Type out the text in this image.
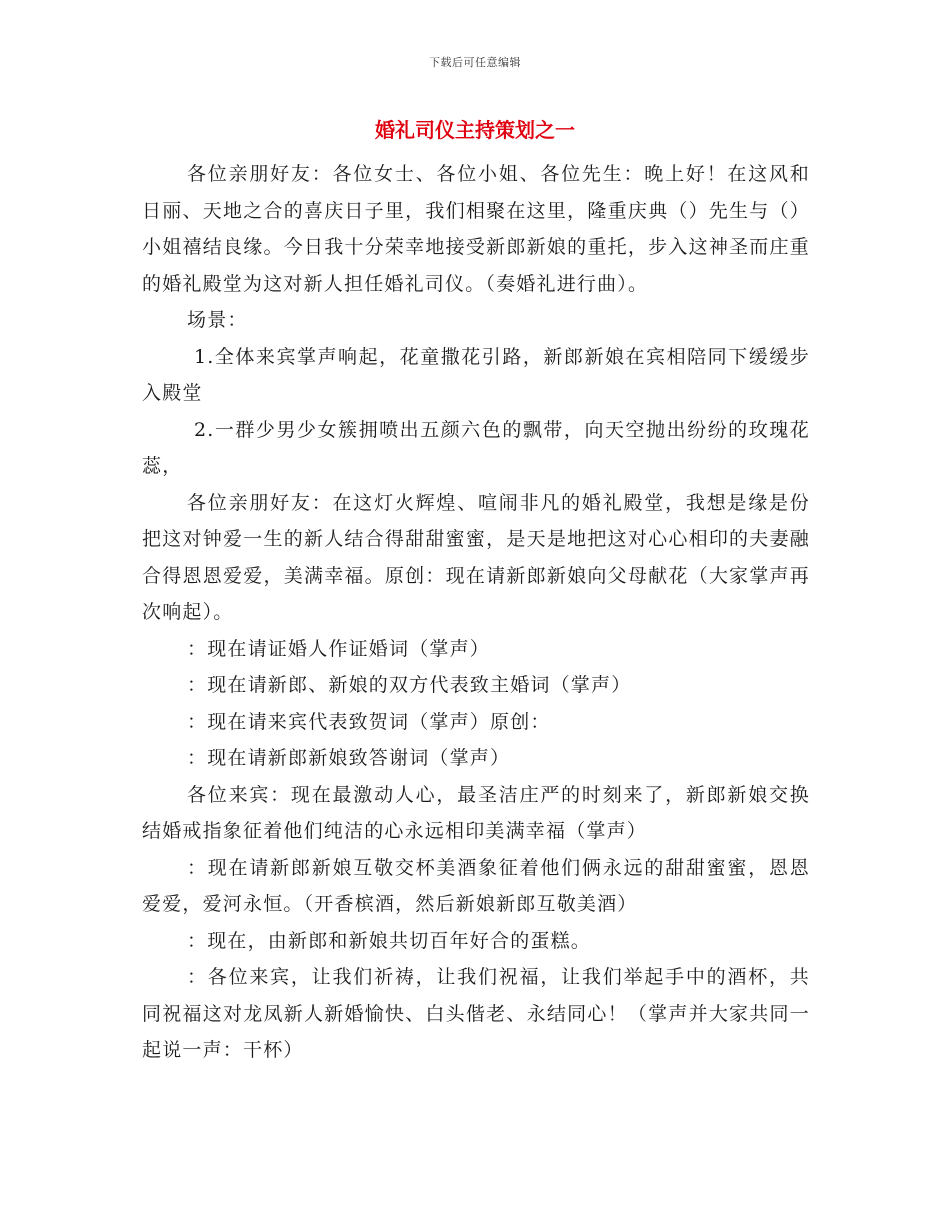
下载后可任意编辑
婚礼司仪主持策划之一

各位亲朋好友：各位女士、各位小姐、各位先生：晚上好！在这风和日丽、天地之合的喜庆日子里，我们相聚在这里，隆重庆典（）先生与（）小姐禧结良缘。今日我十分荣幸地接受新郎新娘的重托，步入这神圣而庄重的婚礼殿堂为这对新人担任婚礼司仪。（奏婚礼进行曲）。

场景：

1.全体来宾掌声响起，花童撒花引路，新郎新娘在宾相陪同下缓缓步入殿堂

2.一群少男少女簇拥喷出五颜六色的飘带，向天空抛出纷纷的玫瑰花蕊，

各位亲朋好友：在这灯火辉煌、喧闹非凡的婚礼殿堂，我想是缘是份把这对钟爱一生的新人结合得甜甜蜜蜜，是天是地把这对心心相印的夫妻融合得恩恩爱爱，美满幸福。原创：现在请新郎新娘向父母献花（大家掌声再次响起）。

：现在请证婚人作证婚词（掌声）

：现在请新郎、新娘的双方代表致主婚词（掌声）

：现在请来宾代表致贺词（掌声）原创：

：现在请新郎新娘致答谢词（掌声）

各位来宾：现在最激动人心，最圣洁庄严的时刻来了，新郎新娘交换结婚戒指象征着他们纯洁的心永远相印美满幸福（掌声）

：现在请新郎新娘互敬交杯美酒象征着他们俩永远的甜甜蜜蜜，恩恩爱爱，爱河永恒。（开香槟酒，然后新娘新郎互敬美酒）

：现在，由新郎和新娘共切百年好合的蛋糕。

：各位来宾，让我们祈祷，让我们祝福，让我们举起手中的酒杯，共同祝福这对龙凤新人新婚愉快、白头偕老、永结同心！（掌声并大家共同一起说一声：干杯）
